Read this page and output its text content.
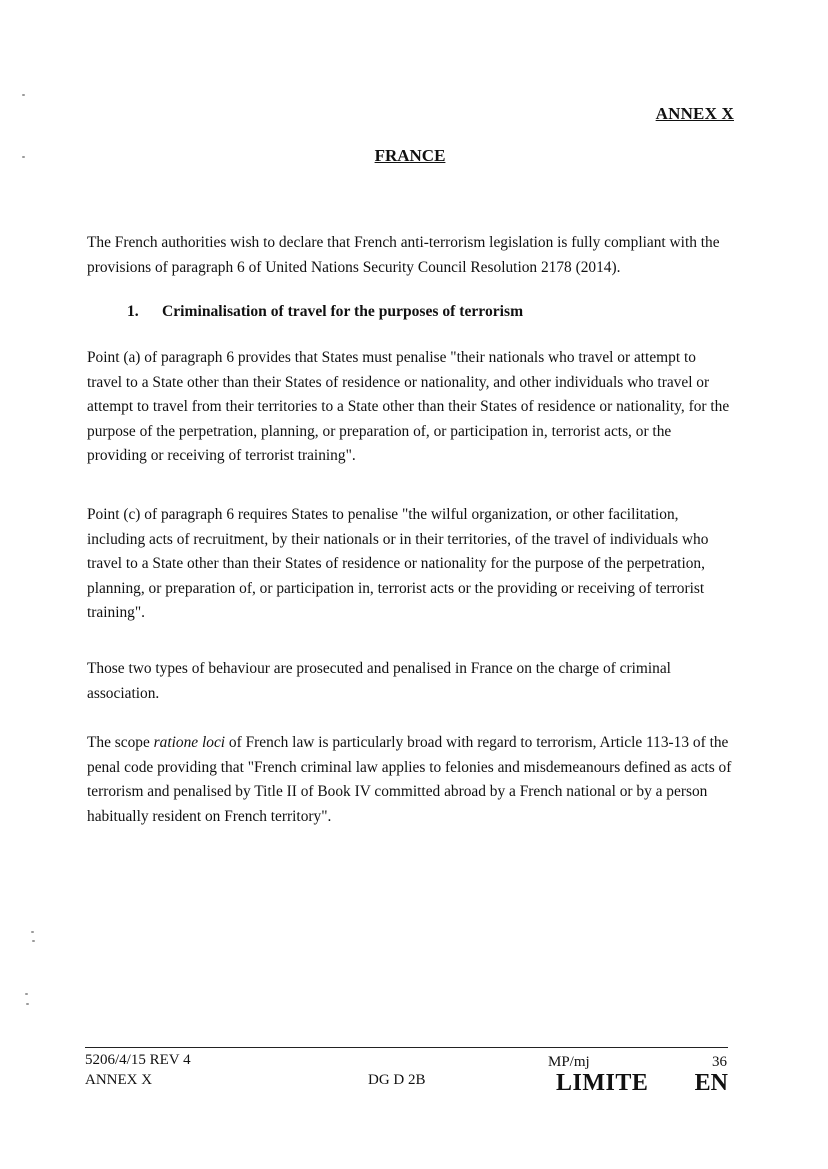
ANNEX X
FRANCE

The French authorities wish to declare that French anti-terrorism legislation is fully compliant with the provisions of paragraph 6 of United Nations Security Council Resolution 2178 (2014).

1. Criminalisation of travel for the purposes of terrorism

Point (a) of paragraph 6 provides that States must penalise "their nationals who travel or attempt to travel to a State other than their States of residence or nationality, and other individuals who travel or attempt to travel from their territories to a State other than their States of residence or nationality, for the purpose of the perpetration, planning, or preparation of, or participation in, terrorist acts, or the providing or receiving of terrorist training".

Point (c) of paragraph 6 requires States to penalise "the wilful organization, or other facilitation, including acts of recruitment, by their nationals or in their territories, of the travel of individuals who travel to a State other than their States of residence or nationality for the purpose of the perpetration, planning, or preparation of, or participation in, terrorist acts or the providing or receiving of terrorist training".

Those two types of behaviour are prosecuted and penalised in France on the charge of criminal association.

The scope ratione loci of French law is particularly broad with regard to terrorism, Article 113-13 of the penal code providing that "French criminal law applies to felonies and misdemeanours defined as acts of terrorism and penalised by Title II of Book IV committed abroad by a French national or by a person habitually resident on French territory".

5206/4/15 REV 4
ANNEX X	DG D 2B
MP/mj	36
LIMITE EN
